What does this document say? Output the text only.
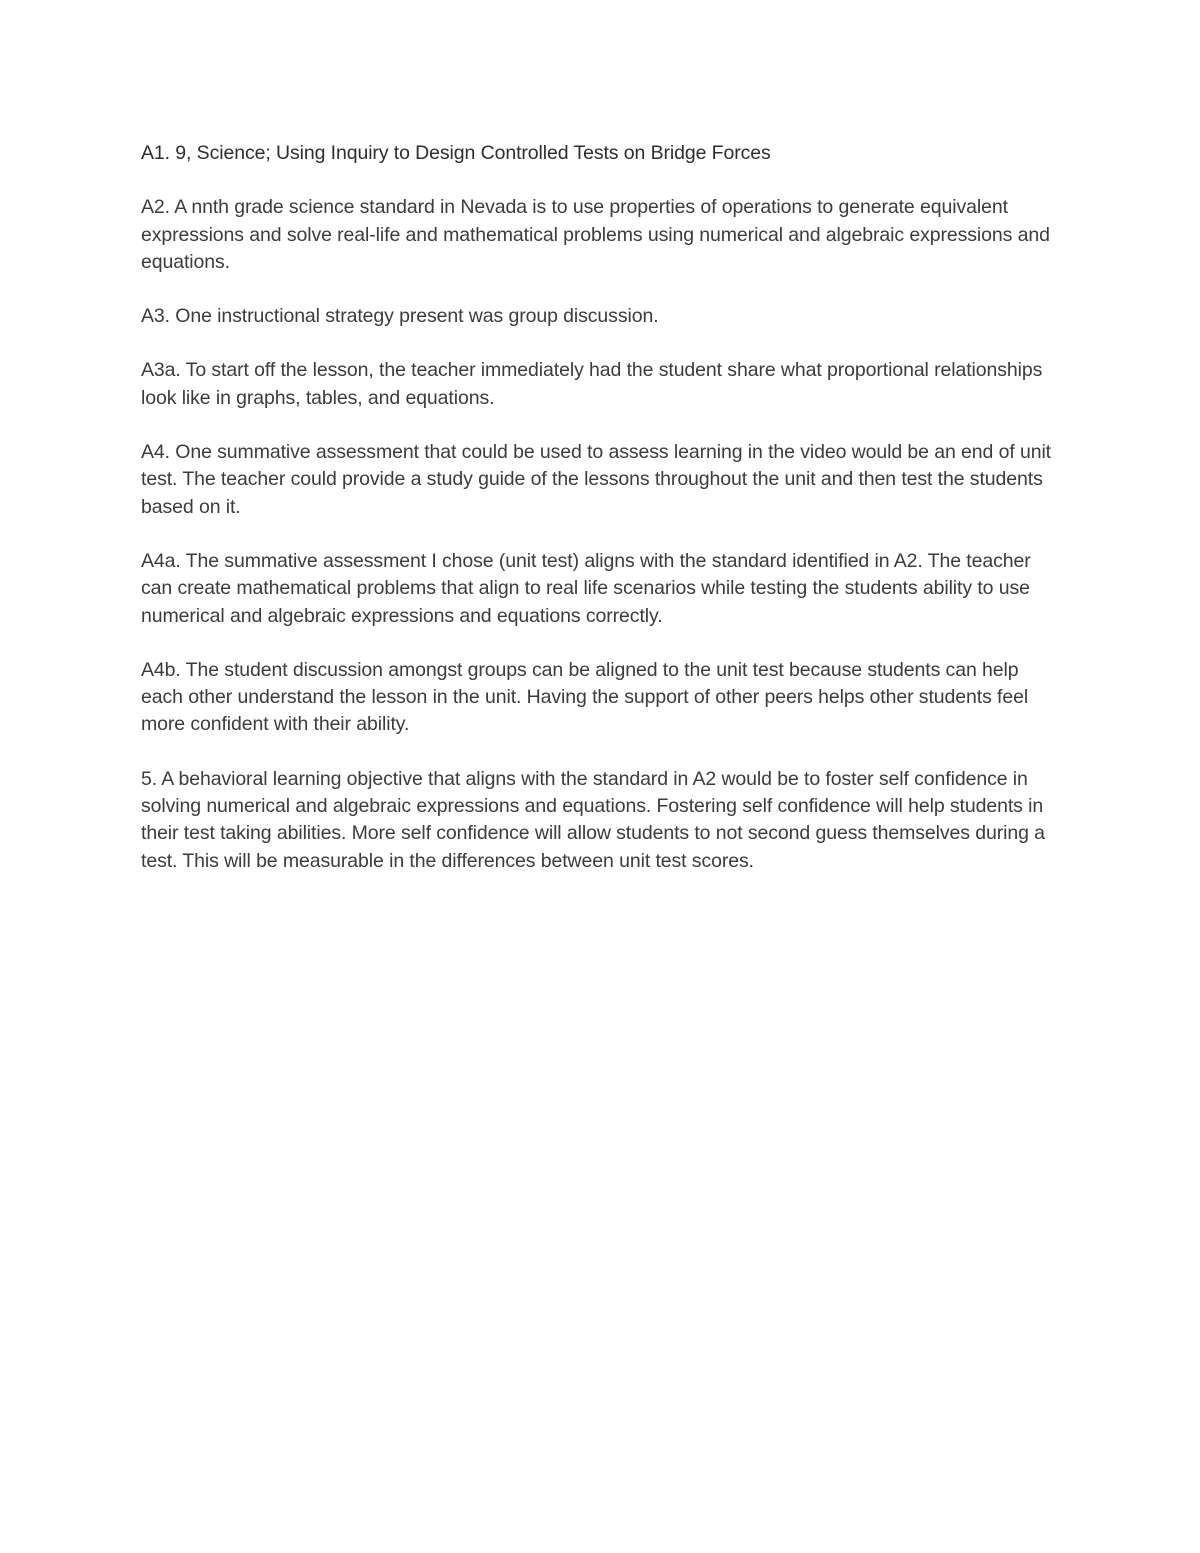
A1. 9, Science; Using Inquiry to Design Controlled Tests on Bridge Forces

A2. A nnth grade science standard in Nevada is to use properties of operations to generate equivalent expressions and solve real-life and mathematical problems using numerical and algebraic expressions and equations.

A3. One instructional strategy present was group discussion.

A3a. To start off the lesson, the teacher immediately had the student share what proportional relationships look like in graphs, tables, and equations.

A4. One summative assessment that could be used to assess learning in the video would be an end of unit test. The teacher could provide a study guide of the lessons throughout the unit and then test the students based on it.

A4a. The summative assessment I chose (unit test) aligns with the standard identified in A2. The teacher can create mathematical problems that align to real life scenarios while testing the students ability to use numerical and algebraic expressions and equations correctly.

A4b. The student discussion amongst groups can be aligned to the unit test because students can help each other understand the lesson in the unit. Having the support of other peers helps other students feel more confident with their ability.

5. A behavioral learning objective that aligns with the standard in A2 would be to foster self confidence in solving numerical and algebraic expressions and equations. Fostering self confidence will help students in their test taking abilities. More self confidence will allow students to not second guess themselves during a test. This will be measurable in the differences between unit test scores.
